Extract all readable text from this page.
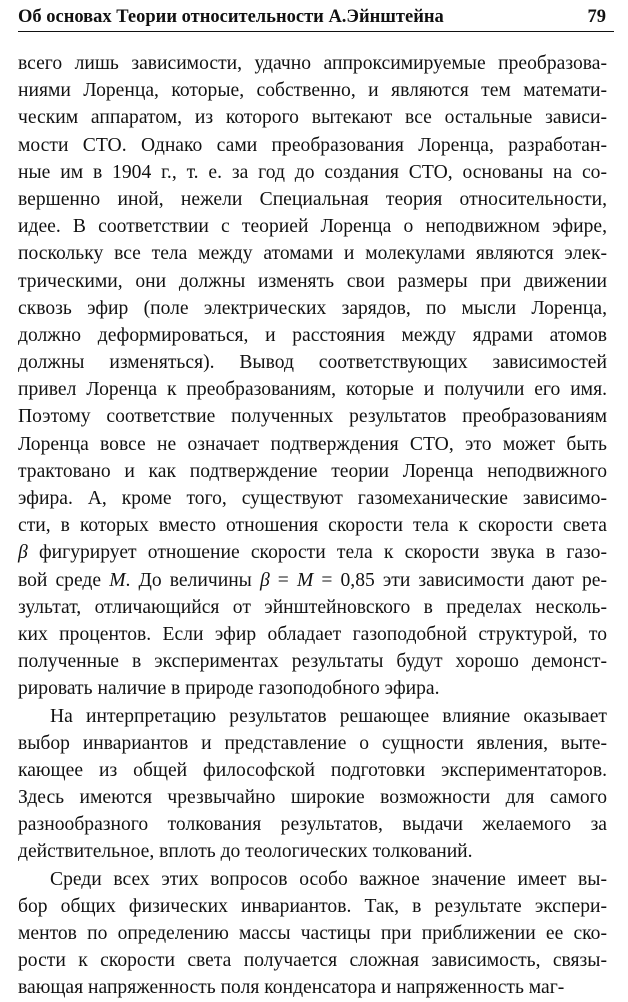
Об основах Теории относительности А.Эйнштейна	79
всего лишь зависимости, удачно аппроксимируемые преобразова-
ниями Лоренца, которые, собственно, и являются тем математи-
ческим аппаратом, из которого вытекают все остальные зависи-
мости СТО. Однако сами преобразования Лоренца, разработан-
ные им в 1904 г., т. е. за год до создания СТО, основаны на со-
вершенно иной, нежели Специальная теория относительности,
идее. В соответствии с теорией Лоренца о неподвижном эфире,
поскольку все тела между атомами и молекулами являются элек-
трическими, они должны изменять свои размеры при движении
сквозь эфир (поле электрических зарядов, по мысли Лоренца,
должно деформироваться, и расстояния между ядрами атомов
должны изменяться). Вывод соответствующих зависимостей
привел Лоренца к преобразованиям, которые и получили его имя.
Поэтому соответствие полученных результатов преобразованиям
Лоренца вовсе не означает подтверждения СТО, это может быть
трактовано и как подтверждение теории Лоренца неподвижного
эфира. А, кроме того, существуют газомеханические зависимо-
сти, в которых вместо отношения скорости тела к скорости света
β фигурирует отношение скорости тела к скорости звука в газо-
вой среде M. До величины β = M = 0,85 эти зависимости дают ре-
зультат, отличающийся от эйнштейновского в пределах несколь-
ких процентов. Если эфир обладает газоподобной структурой, то
полученные в экспериментах результаты будут хорошо демонст-
рировать наличие в природе газоподобного эфира.
На интерпретацию результатов решающее влияние оказывает
выбор инвариантов и представление о сущности явления, выте-
кающее из общей философской подготовки экспериментаторов.
Здесь имеются чрезвычайно широкие возможности для самого
разнообразного толкования результатов, выдачи желаемого за
действительное, вплоть до теологических толкований.
Среди всех этих вопросов особо важное значение имеет вы-
бор общих физических инвариантов. Так, в результате экспери-
ментов по определению массы частицы при приближении ее ско-
рости к скорости света получается сложная зависимость, связы-
вающая напряженность поля конденсатора и напряженность маг-
